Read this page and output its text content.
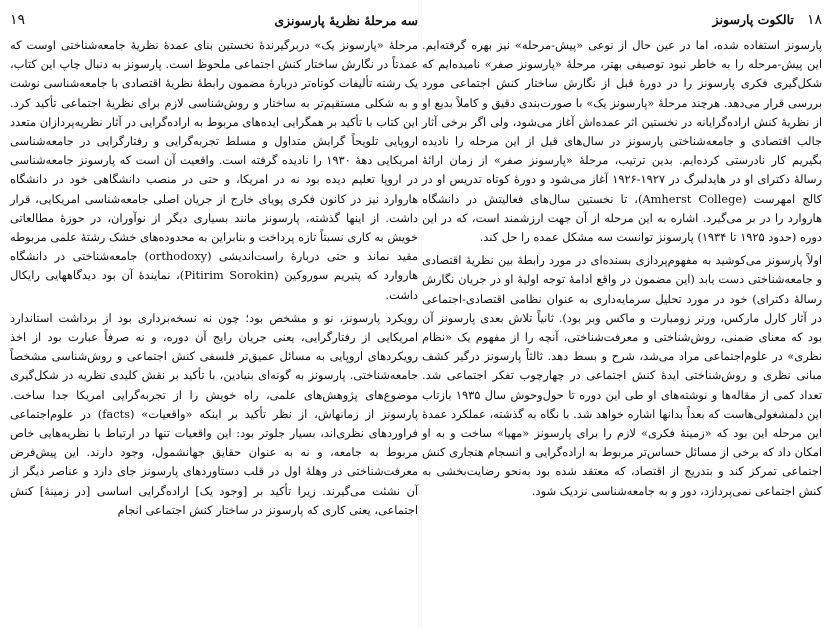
۱۸   تالکوت پارسونز

پارسونز استفاده شده، اما در عین حال از نوعی «پیش-مرحله» نیز بهره گرفته‌ایم. این پیش-مرحله را به خاطر نبود توصیفی بهتر، مرحلهٔ «پارسونز صفر» نامیده‌ایم که شکل‌گیری فکری پارسونز را در دورهٔ قبل از نگارش ساختار کنش اجتماعی مورد بررسی قرار می‌دهد. هرچند مرحلهٔ «پارسونز یک» با صورت‌بندی دقیق و کاملاً بدیع او از نظریهٔ کنش اراده‌گرایانه در نخستین اثر عمده‌اش آغاز می‌شود، ولی اگر برخی آثار جالب اقتصادی و جامعه‌شناختی پارسونز در سال‌های قبل از این مرحله را نادیده بگیریم کار نادرستی کرده‌ایم. بدین ترتیب، مرحلهٔ «پارسونز صفر» از زمان ارائهٔ رسالهٔ دکترای او در هایدلبرگ در ۱۹۲۷-۱۹۲۶ آغاز می‌شود و دورهٔ کوتاه تدریس او در کالج امهرست (Amherst College)، تا نخستین سال‌های فعالیتش در دانشگاه هاروارد را در بر می‌گیرد. اشاره به این مرحله از آن جهت ارزشمند است، که در این دوره (حدود ۱۹۲۵ تا ۱۹۳۴) پارسونز توانست سه مشکل عمده را حل کند.

اولاً پارسونز می‌کوشید به مفهوم‌پردازی بسنده‌ای در مورد رابطهٔ بین نظریهٔ اقتصادی و جامعه‌شناختی دست یابد (این مضمون در واقع ادامهٔ توجه اولیهٔ او در جریان نگارش رسالهٔ دکترای) خود در مورد تحلیل سرمایه‌داری به عنوان نظامی اقتصادی-اجتماعی در آثار کارل مارکس، ورنر زومبارت و ماکس وبر بود). ثانیاً تلاش بعدی پارسونز آن بود که معنای ضمنی، روش‌شناختی و معرفت‌شناختی، آنچه را از مفهوم یک «نظام نظری» در علوم‌اجتماعی مراد می‌شد، شرح و بسط دهد. ثالثاً پارسونز درگیر کشف مبانی نظری و روش‌شناختی ایدهٔ کنش اجتماعی در چهارچوب تفکر اجتماعی شد. تعداد کمی از مقاله‌ها و نوشته‌های او طی این دوره تا حول‌وحوش سال ۱۹۳۵ بازتاب این دلمشغولی‌هاست که بعداً بدانها اشاره خواهد شد. با نگاه به گذشته، عملکرد عمدهٔ این مرحله این بود که «زمینهٔ فکری» لازم را برای پارسونز «مهیا» ساخت و به او امکان داد که برخی از مسائل حساس‌تر مربوط به اراده‌گرایی و انسجام هنجاری کنش اجتماعی تمرکز کند و بتدریج از اقتصاد، که معتقد شده بود به‌نحو رضایت‌بخشی به کنش اجتماعی نمی‌پردازد، دور و به جامعه‌شناسی نزدیک شود.

سه مرحلهٔ نظریهٔ پارسونزی
۱۹

مرحلهٔ «پارسونز یک» دربرگیرندهٔ نخستین بنای عمدهٔ نظریهٔ جامعه‌شناختی اوست که عمدتاً در نگارش ساختار کنش اجتماعی ملحوظ است. پارسونز به دنبال چاپ این کتاب، یک رشته تألیفات کوتاه‌تر دربارهٔ مضمون رابطهٔ نظریهٔ اقتصادی با جامعه‌شناسی نوشت و به شکلی مستقیم‌تر به ساختار و روش‌شناسی لازم برای نظریهٔ اجتماعی تأکید کرد. این کتاب با تأکید بر همگرایی ایده‌های مربوط به اراده‌گرایی در آثار نظریه‌پردازان متعدد اروپایی تلویحاً گرایش متداول و مسلط تجربه‌گرایی و رفتارگرایی در جامعه‌شناسی امریکایی دههٔ ۱۹۳۰ را نادیده گرفته است. واقعیت آن است که پارسونز جامعه‌شناسی در اروپا تعلیم دیده بود نه در امریکا، و حتی در منصب دانشگاهی خود در دانشگاه هاروارد نیز در کانون فکری پویای خارج از جریان اصلی جامعه‌شناسی امریکایی، قرار داشت. از اینها گذشته، پارسونز مانند بسیاری دیگر از نوآوران، در حوزهٔ مطالعاتی خویش به کاری نسبتاً تازه پرداخت و بنابراین به محدوده‌های خشک رشتهٔ علمی مربوطه مقید نماند و حتی دربارهٔ راست‌اندیشی (orthodoxy) جامعه‌شناختی در دانشگاه هاروارد که پتیریم سوروکین (Pitirim Sorokin)، نمایندهٔ آن بود دیدگاههایی رایکال داشت.

رویکرد پارسونز، نو و مشخص بود؛ چون نه نسخه‌برداری بود از برداشت استاندارد امریکایی از رفتارگرایی، یعنی جریان رایج آن دوره، و نه صرفاً عبارت بود از اخذ رویکردهای اروپایی به مسائل عمیق‌تر فلسفی کنش اجتماعی و روش‌شناسی مشخصاً جامعه‌شناختی. پارسونز به گونه‌ای بنیادین، با تأکید بر نقش کلیدی نظریه در شکل‌گیری موضوع‌های پژوهش‌های علمی، راه خویش را از تجربه‌گرایی امریکا جدا ساخت. پارسونز از زمانهاش، از نظر تأکید بر اینکه «واقعیات» (facts) در علوم‌اجتماعی فراوردهای نظری‌اند، بسیار جلوتر بود: این واقعیات تنها در ارتباط با نظریه‌هایی خاص مربوط به جامعه، و نه به عنوان حقایق جهانشمول، وجود دارند. این پیش‌فرض معرفت‌شناختی در وهلهٔ اول در قلب دستاوردهای پارسونز جای دارد و عناصر دیگر از آن نشئت می‌گیرند. زیرا تأکید بر [وجود یک] اراده‌گرایی اساسی [در زمینهٔ] کنش اجتماعی، یعنی کاری که پارسونز در ساختار کنش اجتماعی انجام
